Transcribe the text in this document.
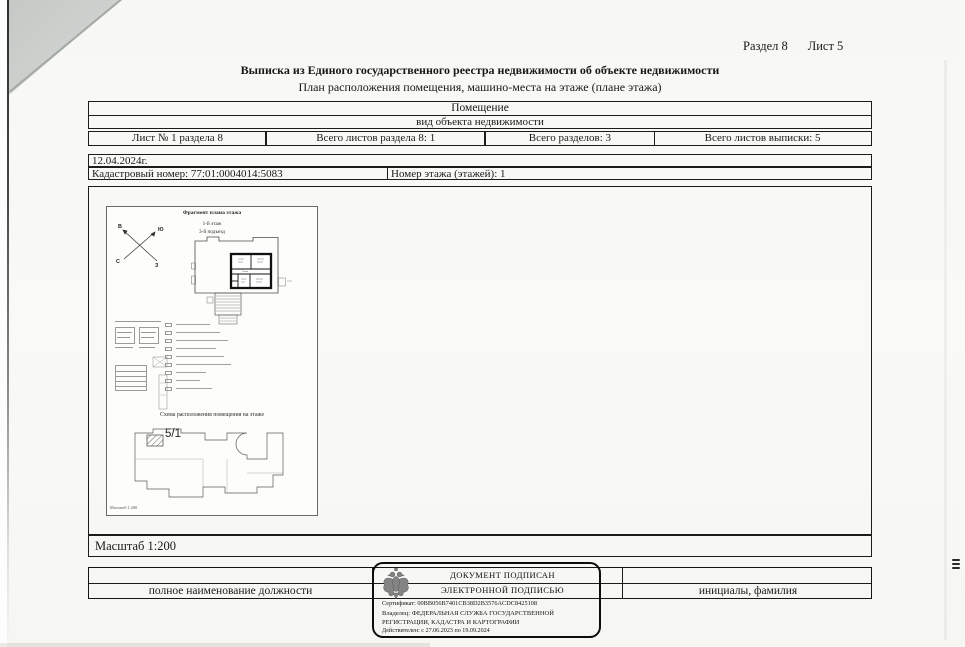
Раздел 8 Лист 5
Выписка из Единого государственного реестра недвижимости об объекте недвижимости
План расположения помещения, машино-места на этаже (плане этажа)
Помещение
вид объекта недвижимости
Лист № 1 раздела 8	Всего листов раздела 8: 1	Всего разделов: 3	Всего листов выписки: 5
12.04.2024г.
Кадастровый номер: 77:01:0004014:5083	Номер этажа (этажей): 1
Фрагмент плана этажа
1-й этаж
3-й подъезд
В	Ю
С
З
Схема расположения помещения на этаже
5/1
Масштаб 1:200
Масштаб 1:200
полное наименование должности	инициалы, фамилия
ДОКУМЕНТ ПОДПИСАН
ЭЛЕКТРОННОЙ ПОДПИСЬЮ
Сертификат: 00BB056B7401CB38D2B3576ACDC8425108
Владелец: ФЕДЕРАЛЬНАЯ СЛУЖБА ГОСУДАРСТВЕННОЙ
РЕГИСТРАЦИИ, КАДАСТРА И КАРТОГРАФИИ
Действителен: с 27.06.2023 по 19.09.2024
